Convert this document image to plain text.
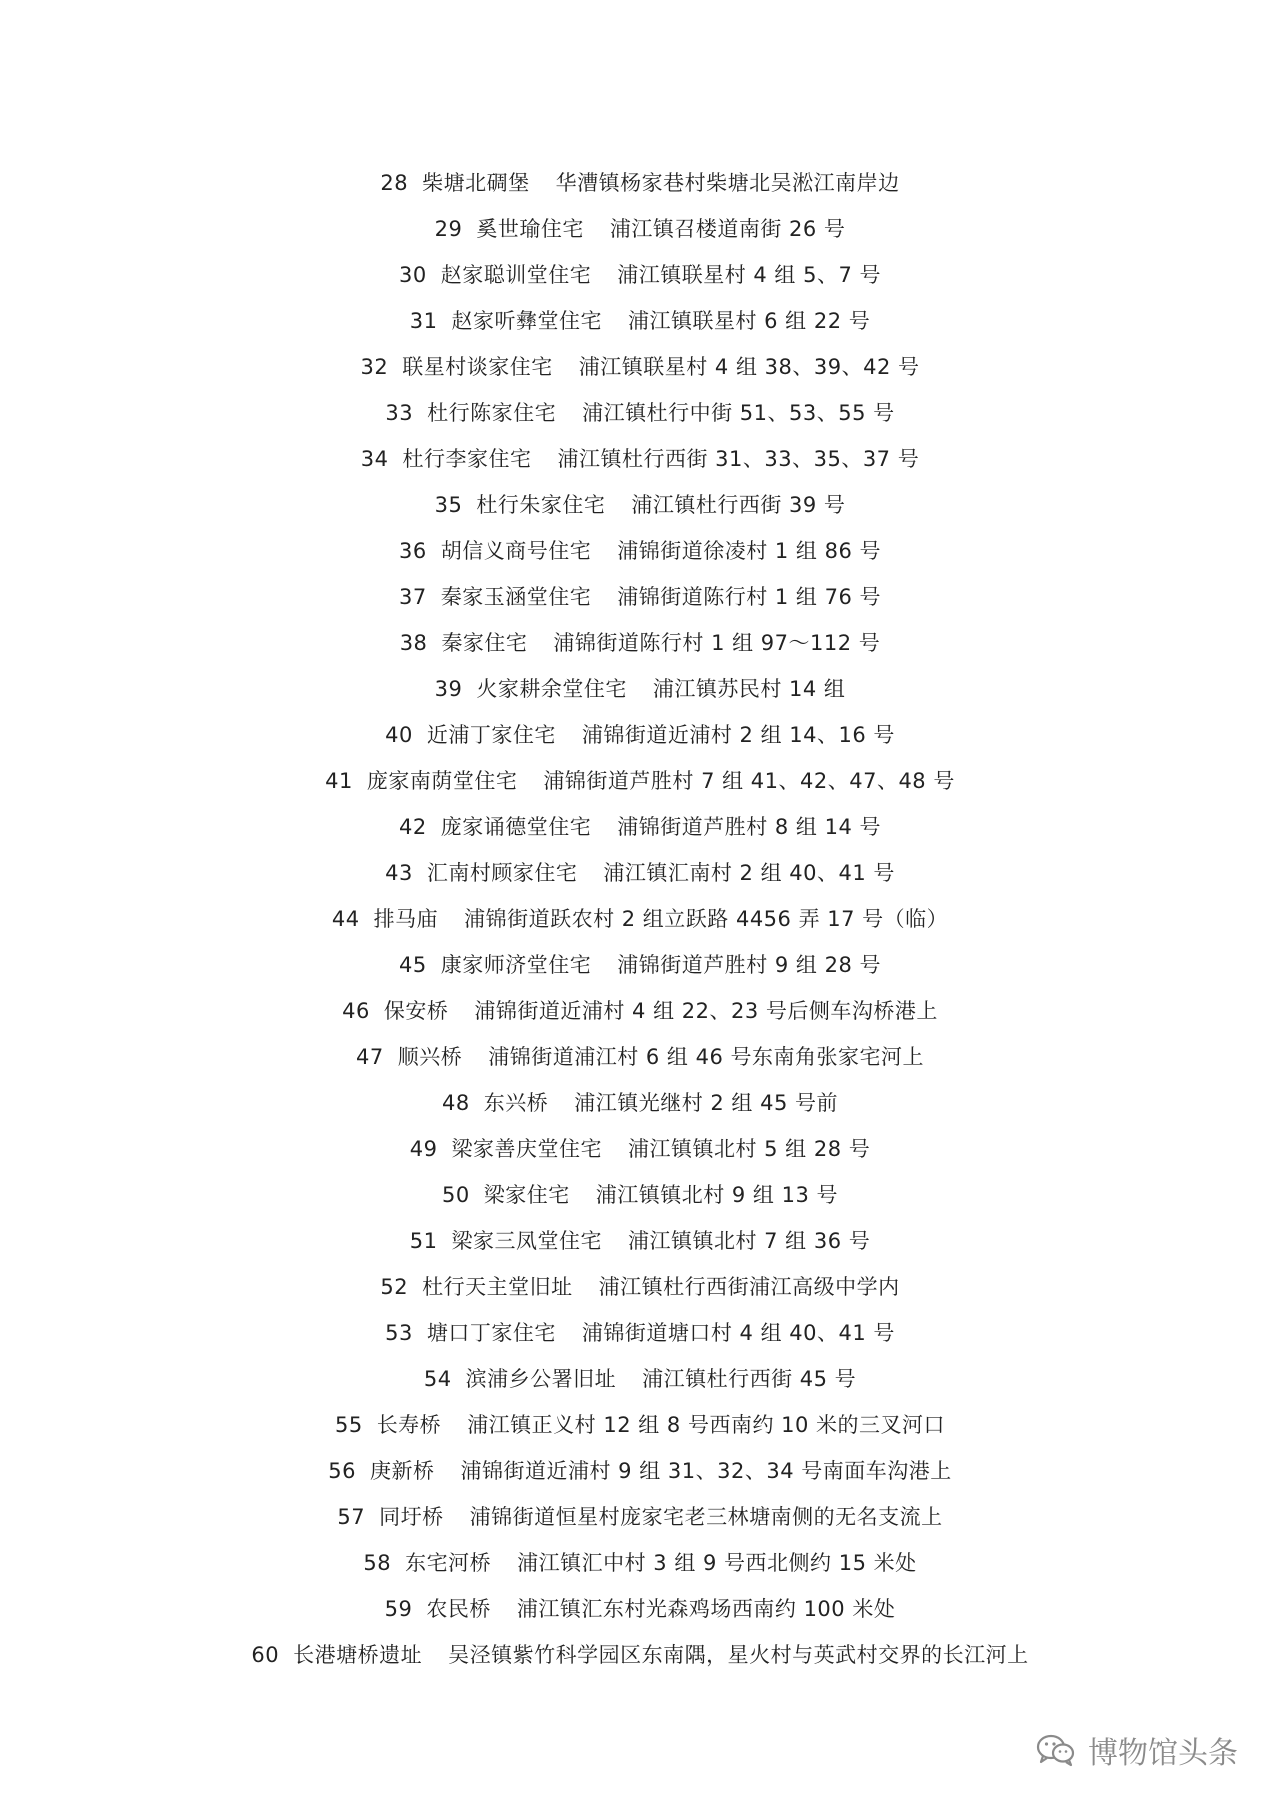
28 柴塘北碉堡 华漕镇杨家巷村柴塘北吴淞江南岸边
29 奚世瑜住宅 浦江镇召楼道南街 26 号
30 赵家聪训堂住宅 浦江镇联星村 4 组 5、7 号
31 赵家听彝堂住宅 浦江镇联星村 6 组 22 号
32 联星村谈家住宅 浦江镇联星村 4 组 38、39、42 号
33 杜行陈家住宅 浦江镇杜行中街 51、53、55 号
34 杜行李家住宅 浦江镇杜行西街 31、33、35、37 号
35 杜行朱家住宅 浦江镇杜行西街 39 号
36 胡信义商号住宅 浦锦街道徐凌村 1 组 86 号
37 秦家玉涵堂住宅 浦锦街道陈行村 1 组 76 号
38 秦家住宅 浦锦街道陈行村 1 组 97～112 号
39 火家耕余堂住宅 浦江镇苏民村 14 组
40 近浦丁家住宅 浦锦街道近浦村 2 组 14、16 号
41 庞家南荫堂住宅 浦锦街道芦胜村 7 组 41、42、47、48 号
42 庞家诵德堂住宅 浦锦街道芦胜村 8 组 14 号
43 汇南村顾家住宅 浦江镇汇南村 2 组 40、41 号
44 排马庙 浦锦街道跃农村 2 组立跃路 4456 弄 17 号（临）
45 康家师济堂住宅 浦锦街道芦胜村 9 组 28 号
46 保安桥 浦锦街道近浦村 4 组 22、23 号后侧车沟桥港上
47 顺兴桥 浦锦街道浦江村 6 组 46 号东南角张家宅河上
48 东兴桥 浦江镇光继村 2 组 45 号前
49 梁家善庆堂住宅 浦江镇镇北村 5 组 28 号
50 梁家住宅 浦江镇镇北村 9 组 13 号
51 梁家三凤堂住宅 浦江镇镇北村 7 组 36 号
52 杜行天主堂旧址 浦江镇杜行西街浦江高级中学内
53 塘口丁家住宅 浦锦街道塘口村 4 组 40、41 号
54 滨浦乡公署旧址 浦江镇杜行西街 45 号
55 长寿桥 浦江镇正义村 12 组 8 号西南约 10 米的三叉河口
56 庚新桥 浦锦街道近浦村 9 组 31、32、34 号南面车沟港上
57 同圩桥 浦锦街道恒星村庞家宅老三林塘南侧的无名支流上
58 东宅河桥 浦江镇汇中村 3 组 9 号西北侧约 15 米处
59 农民桥 浦江镇汇东村光森鸡场西南约 100 米处
60 长港塘桥遗址 吴泾镇紫竹科学园区东南隅，星火村与英武村交界的长江河上
博物馆头条
